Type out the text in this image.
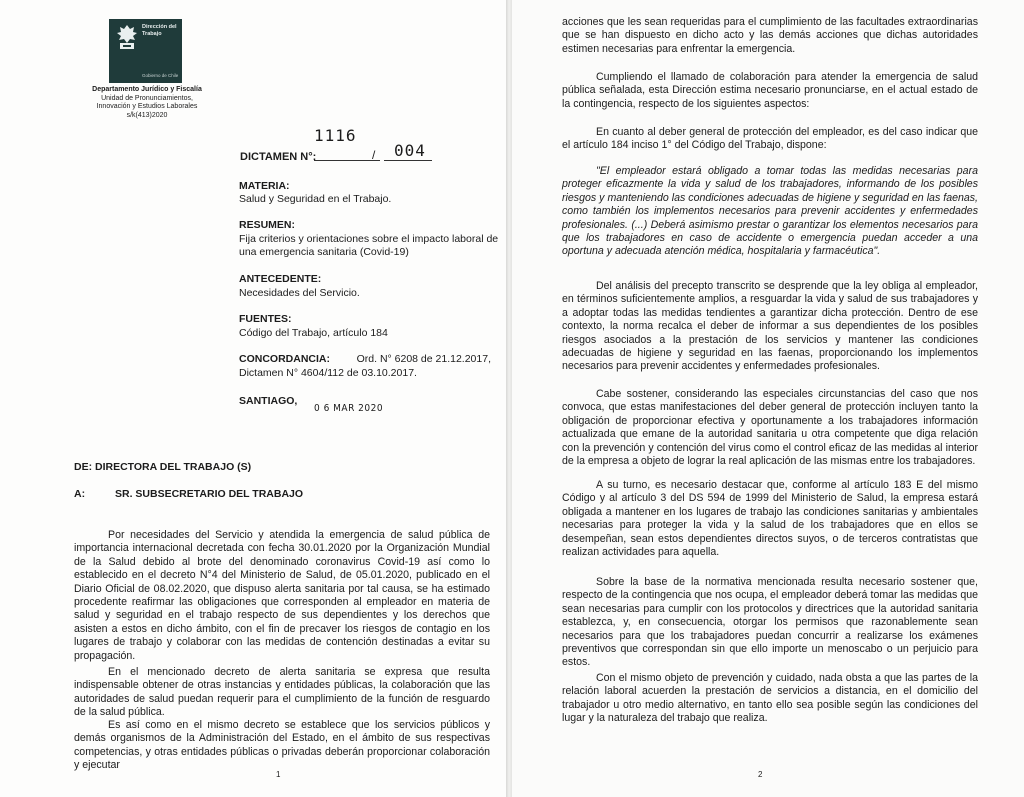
Dirección del Trabajo
Gobierno de Chile
Departamento Jurídico y Fiscalía
Unidad de Pronunciamientos,
Innovación y Estudios Laborales
s/k(413)2020
DICTAMEN N°:
1116
/ 004
MATERIA:
Salud y Seguridad en el Trabajo.
RESUMEN:
Fija criterios y orientaciones sobre el impacto laboral de
una emergencia sanitaria (Covid-19)
ANTECEDENTE:
Necesidades del Servicio.
FUENTES:
Código del Trabajo, artículo 184
CONCORDANCIA:	Ord. N° 6208 de 21.12.2017,
Dictamen N° 4604/112 de 03.10.2017.
SANTIAGO,
0 6 MAR 2020
DE: DIRECTORA DEL TRABAJO (S)
A:	SR. SUBSECRETARIO DEL TRABAJO
Por necesidades del Servicio y atendida la emergencia de salud pública de importancia internacional decretada con fecha 30.01.2020 por la Organización Mundial de la Salud debido al brote del denominado coronavirus Covid-19 así como lo establecido en el decreto N°4 del Ministerio de Salud, de 05.01.2020, publicado en el Diario Oficial de 08.02.2020, que dispuso alerta sanitaria por tal causa, se ha estimado procedente reafirmar las obligaciones que corresponden al empleador en materia de salud y seguridad en el trabajo respecto de sus dependientes y los derechos que asisten a estos en dicho ámbito, con el fin de precaver los riesgos de contagio en los lugares de trabajo y colaborar con las medidas de contención destinadas a evitar su propagación.
En el mencionado decreto de alerta sanitaria se expresa que resulta indispensable obtener de otras instancias y entidades públicas, la colaboración que las autoridades de salud puedan requerir para el cumplimiento de la función de resguardo de la salud pública.
Es así como en el mismo decreto se establece que los servicios públicos y demás organismos de la Administración del Estado, en el ámbito de sus respectivas competencias, y otras entidades públicas o privadas deberán proporcionar colaboración y ejecutar
1
acciones que les sean requeridas para el cumplimiento de las facultades extraordinarias que se han dispuesto en dicho acto y las demás acciones que dichas autoridades estimen necesarias para enfrentar la emergencia.
Cumpliendo el llamado de colaboración para atender la emergencia de salud pública señalada, esta Dirección estima necesario pronunciarse, en el actual estado de la contingencia, respecto de los siguientes aspectos:
En cuanto al deber general de protección del empleador, es del caso indicar que el artículo 184 inciso 1° del Código del Trabajo, dispone:
"El empleador estará obligado a tomar todas las medidas necesarias para proteger eficazmente la vida y salud de los trabajadores, informando de los posibles riesgos y manteniendo las condiciones adecuadas de higiene y seguridad en las faenas, como también los implementos necesarios para prevenir accidentes y enfermedades profesionales. (...) Deberá asimismo prestar o garantizar los elementos necesarios para que los trabajadores en caso de accidente o emergencia puedan acceder a una oportuna y adecuada atención médica, hospitalaria y farmacéutica".
Del análisis del precepto transcrito se desprende que la ley obliga al empleador, en términos suficientemente amplios, a resguardar la vida y salud de sus trabajadores y a adoptar todas las medidas tendientes a garantizar dicha protección. Dentro de ese contexto, la norma recalca el deber de informar a sus dependientes de los posibles riesgos asociados a la prestación de los servicios y mantener las condiciones adecuadas de higiene y seguridad en las faenas, proporcionando los implementos necesarios para prevenir accidentes y enfermedades profesionales.
Cabe sostener, considerando las especiales circunstancias del caso que nos convoca, que estas manifestaciones del deber general de protección incluyen tanto la obligación de proporcionar efectiva y oportunamente a los trabajadores información actualizada que emane de la autoridad sanitaria u otra competente que diga relación con la prevención y contención del virus como el control eficaz de las medidas al interior de la empresa a objeto de lograr la real aplicación de las mismas entre los trabajadores.
A su turno, es necesario destacar que, conforme al artículo 183 E del mismo Código y al artículo 3 del DS 594 de 1999 del Ministerio de Salud, la empresa estará obligada a mantener en los lugares de trabajo las condiciones sanitarias y ambientales necesarias para proteger la vida y la salud de los trabajadores que en ellos se desempeñan, sean estos dependientes directos suyos, o de terceros contratistas que realizan actividades para aquella.
Sobre la base de la normativa mencionada resulta necesario sostener que, respecto de la contingencia que nos ocupa, el empleador deberá tomar las medidas que sean necesarias para cumplir con los protocolos y directrices que la autoridad sanitaria establezca, y, en consecuencia, otorgar los permisos que razonablemente sean necesarios para que los trabajadores puedan concurrir a realizarse los exámenes preventivos que correspondan sin que ello importe un menoscabo o un perjuicio para estos.
Con el mismo objeto de prevención y cuidado, nada obsta a que las partes de la relación laboral acuerden la prestación de servicios a distancia, en el domicilio del trabajador u otro medio alternativo, en tanto ello sea posible según las condiciones del lugar y la naturaleza del trabajo que realiza.
2
